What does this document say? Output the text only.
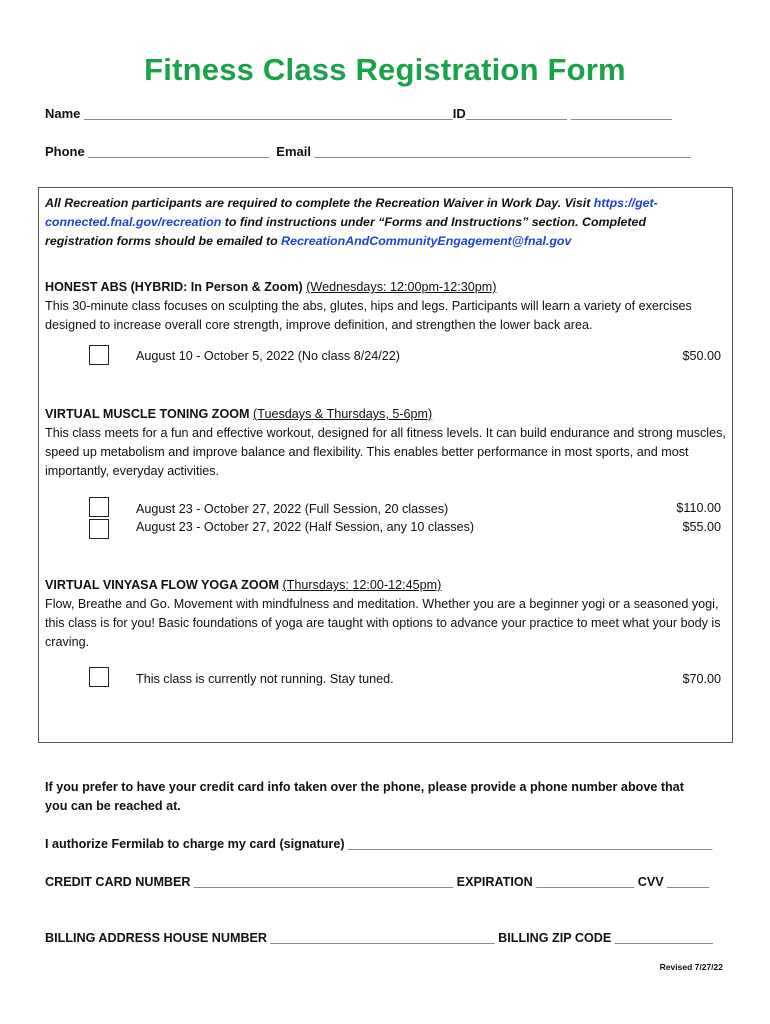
Fitness Class Registration Form
Name ___________________________________________________ID______________ ______________
Phone _________________________  Email ____________________________________________________
All Recreation participants are required to complete the Recreation Waiver in Work Day. Visit https://get-connected.fnal.gov/recreation to find instructions under “Forms and Instructions” section. Completed registration forms should be emailed to RecreationAndCommunityEngagement@fnal.gov
HONEST ABS (HYBRID: In Person & Zoom) (Wednesdays: 12:00pm-12:30pm)
This 30-minute class focuses on sculpting the abs, glutes, hips and legs. Participants will learn a variety of exercises designed to increase overall core strength, improve definition, and strengthen the lower back area.
August 10 - October 5, 2022 (No class 8/24/22)	$50.00
VIRTUAL MUSCLE TONING ZOOM (Tuesdays & Thursdays, 5-6pm)
This class meets for a fun and effective workout, designed for all fitness levels. It can build endurance and strong muscles, speed up metabolism and improve balance and flexibility. This enables better performance in most sports, and most importantly, everyday activities.
August 23 - October 27, 2022 (Full Session, 20 classes)
August 23 - October 27, 2022 (Half Session, any 10 classes)
$110.00
$55.00
VIRTUAL VINYASA FLOW YOGA ZOOM (Thursdays: 12:00-12:45pm)
Flow, Breathe and Go. Movement with mindfulness and meditation. Whether you are a beginner yogi or a seasoned yogi, this class is for you! Basic foundations of yoga are taught with options to advance your practice to meet what your body is craving.
This class is currently not running. Stay tuned.	$70.00
If you prefer to have your credit card info taken over the phone, please provide a phone number above that
you can be reached at.
I authorize Fermilab to charge my card (signature) ____________________________________________________
CREDIT CARD NUMBER _____________________________________ EXPIRATION ______________ CVV ______
BILLING ADDRESS HOUSE NUMBER ________________________________ BILLING ZIP CODE ______________
Revised 7/27/22
